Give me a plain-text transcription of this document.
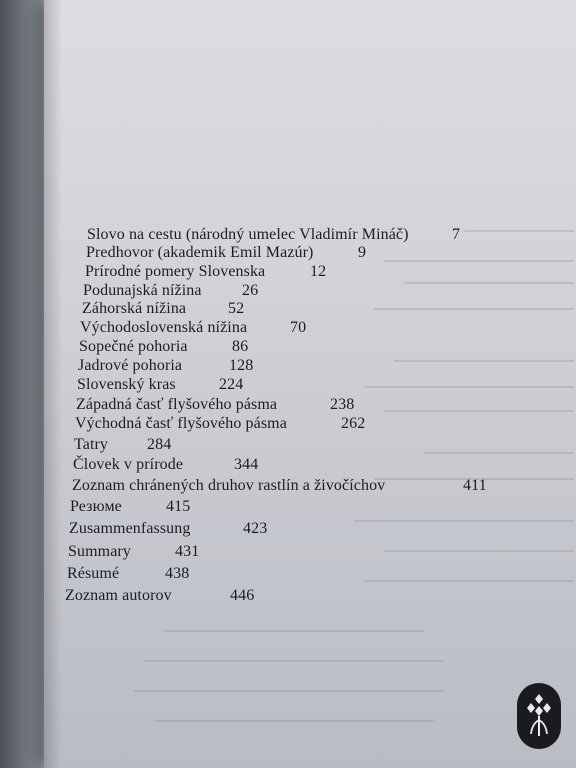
Slovo na cestu (národný umelec Vladimír Mináč)	7
Predhovor (akademik Emil Mazúr)	9
Prírodné pomery Slovenska	12
Podunajská nížina	26
Záhorská nížina	52
Východoslovenská nížina	70
Sopečné pohoria	86
Jadrové pohoria	128
Slovenský kras	224
Západná časť flyšového pásma	238
Východná časť flyšového pásma	262
Tatry 284
Človek v prírode	344
Zoznam chránených druhov rastlín a živočíchov	411
Резюме	415
Zusammenfassung	423
Summary	431
Résumé	438
Zoznam autorov	446
